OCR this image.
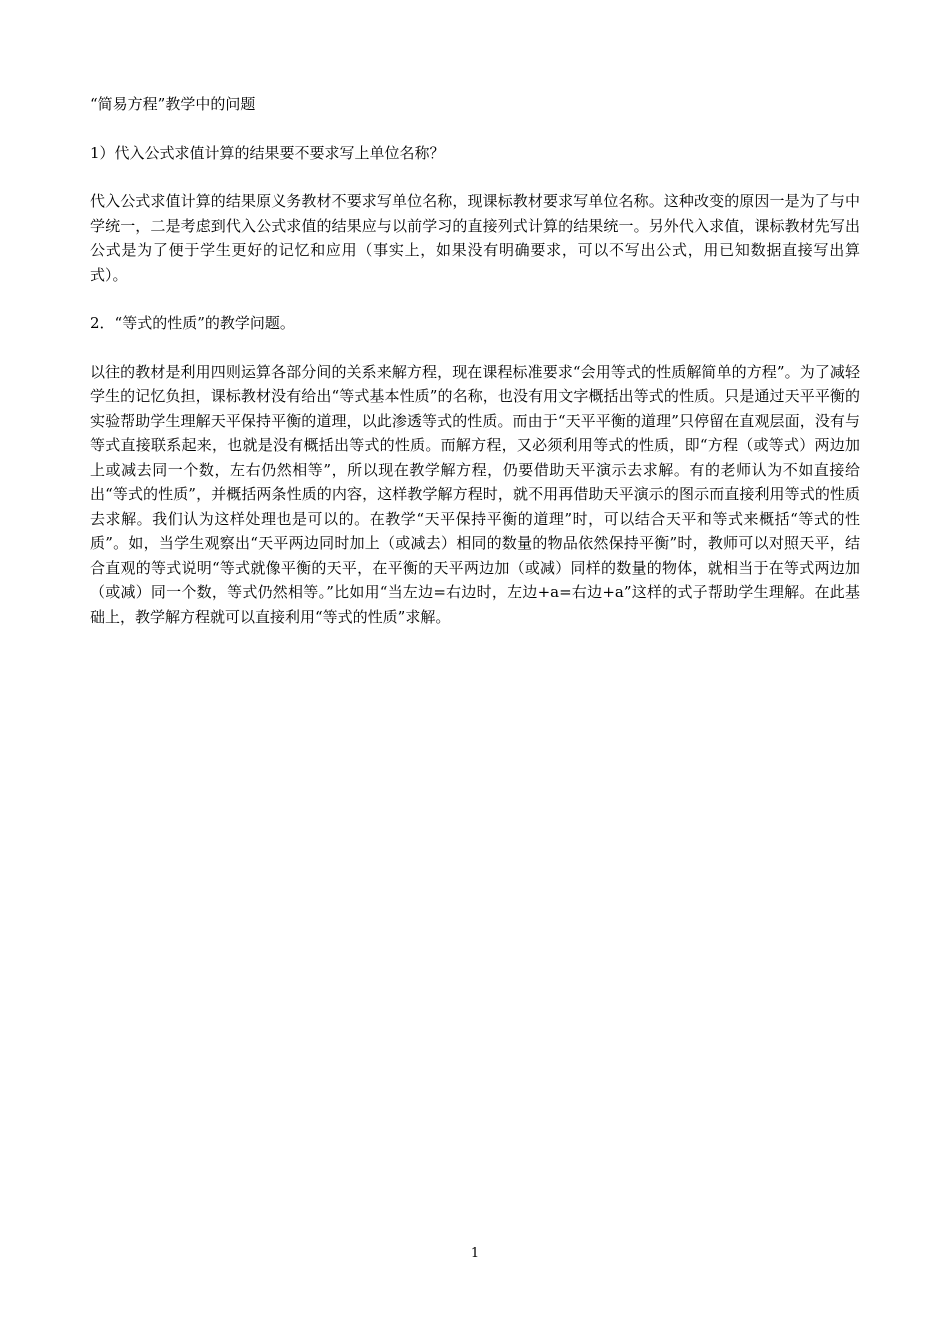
“简易方程”教学中的问题

1）代入公式求值计算的结果要不要求写上单位名称？

代入公式求值计算的结果原义务教材不要求写单位名称，现课标教材要求写单位名称。这种改变的原因一是为了与中学统一，二是考虑到代入公式求值的结果应与以前学习的直接列式计算的结果统一。另外代入求值，课标教材先写出公式是为了便于学生更好的记忆和应用（事实上，如果没有明确要求，可以不写出公式，用已知数据直接写出算式）。

2．“等式的性质”的教学问题。

以往的教材是利用四则运算各部分间的关系来解方程，现在课程标准要求“会用等式的性质解简单的方程”。为了减轻学生的记忆负担，课标教材没有给出“等式基本性质”的名称，也没有用文字概括出等式的性质。只是通过天平平衡的实验帮助学生理解天平保持平衡的道理，以此渗透等式的性质。而由于“天平平衡的道理”只停留在直观层面，没有与等式直接联系起来，也就是没有概括出等式的性质。而解方程，又必须利用等式的性质，即“方程（或等式）两边加上或减去同一个数，左右仍然相等”，所以现在教学解方程，仍要借助天平演示去求解。有的老师认为不如直接给出“等式的性质”，并概括两条性质的内容，这样教学解方程时，就不用再借助天平演示的图示而直接利用等式的性质去求解。我们认为这样处理也是可以的。在教学“天平保持平衡的道理”时，可以结合天平和等式来概括“等式的性质”。如，当学生观察出“天平两边同时加上（或减去）相同的数量的物品依然保持平衡”时，教师可以对照天平，结合直观的等式说明“等式就像平衡的天平，在平衡的天平两边加（或减）同样的数量的物体，就相当于在等式两边加（或减）同一个数，等式仍然相等。”比如用“当左边=右边时，左边+a=右边+a”这样的式子帮助学生理解。在此基础上，教学解方程就可以直接利用“等式的性质”求解。

1
